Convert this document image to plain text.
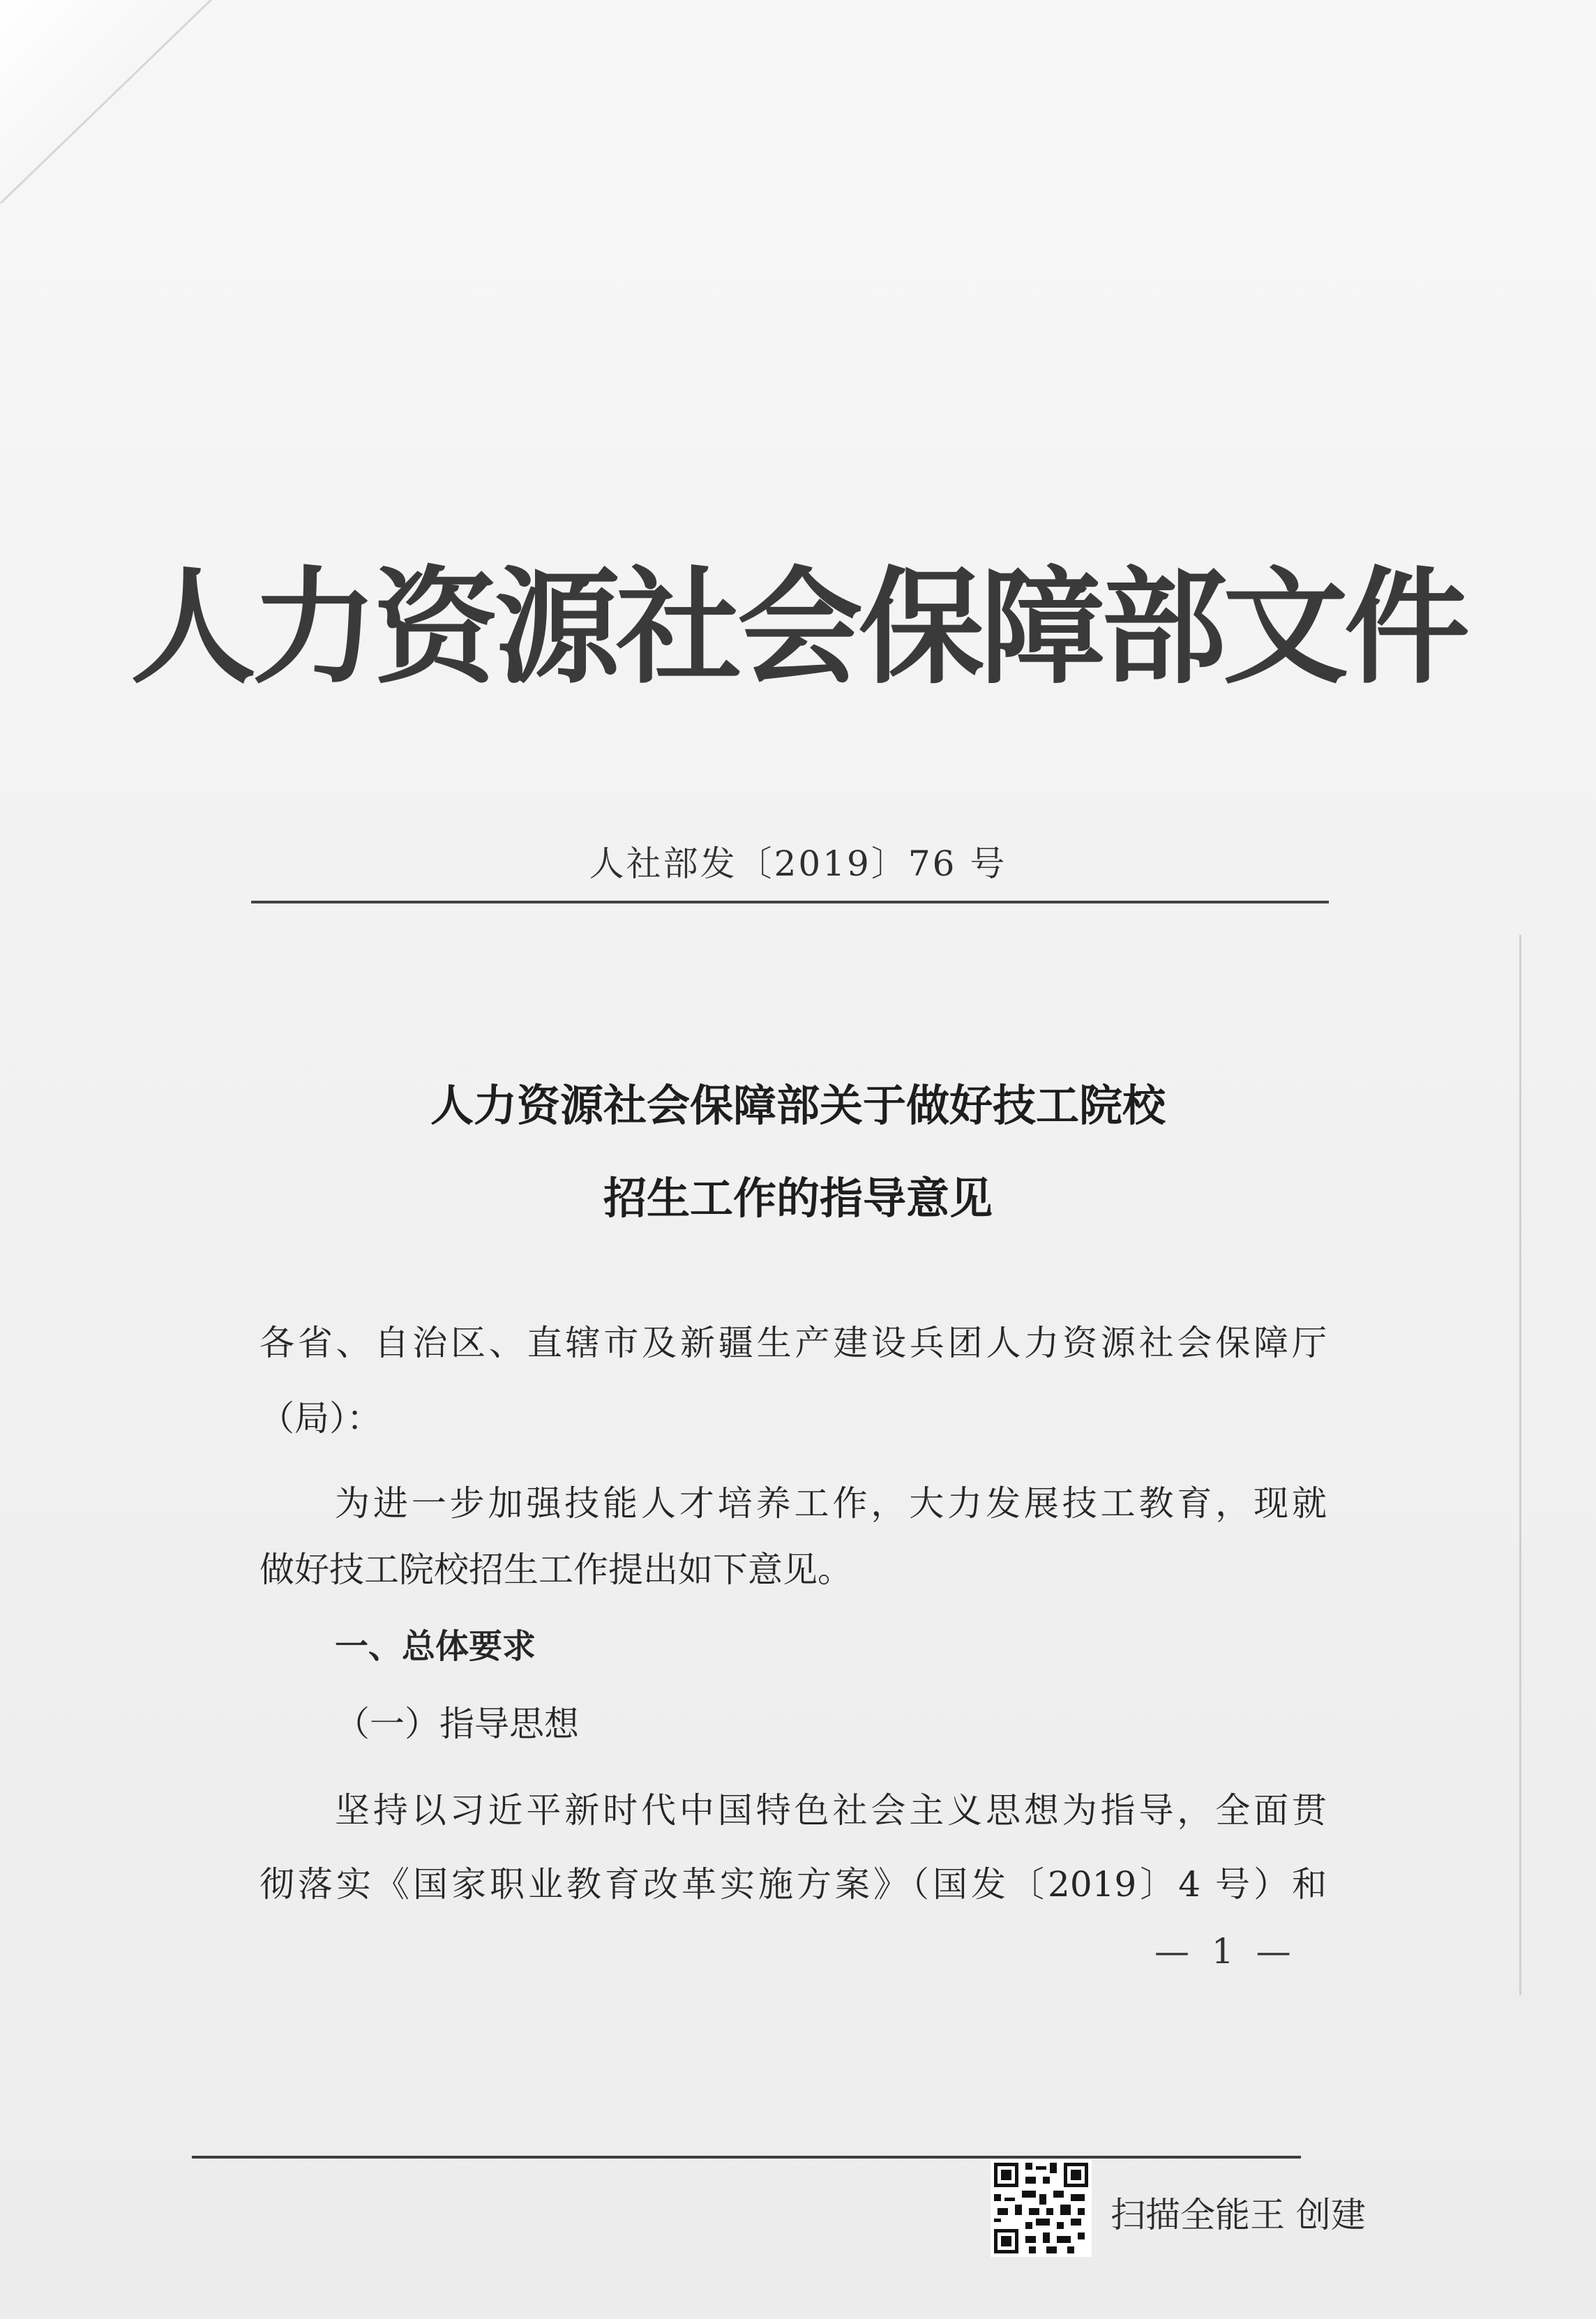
人力资源社会保障部文件
人社部发〔2019〕76 号
人力资源社会保障部关于做好技工院校
招生工作的指导意见
各省、自治区、直辖市及新疆生产建设兵团人力资源社会保障厅
（局）：
为进一步加强技能人才培养工作，大力发展技工教育，现就
做好技工院校招生工作提出如下意见。
一、总体要求
（一）指导思想
坚持以习近平新时代中国特色社会主义思想为指导，全面贯
彻落实《国家职业教育改革实施方案》（国发〔2019〕4 号）和
— 1 —
扫描全能王 创建
